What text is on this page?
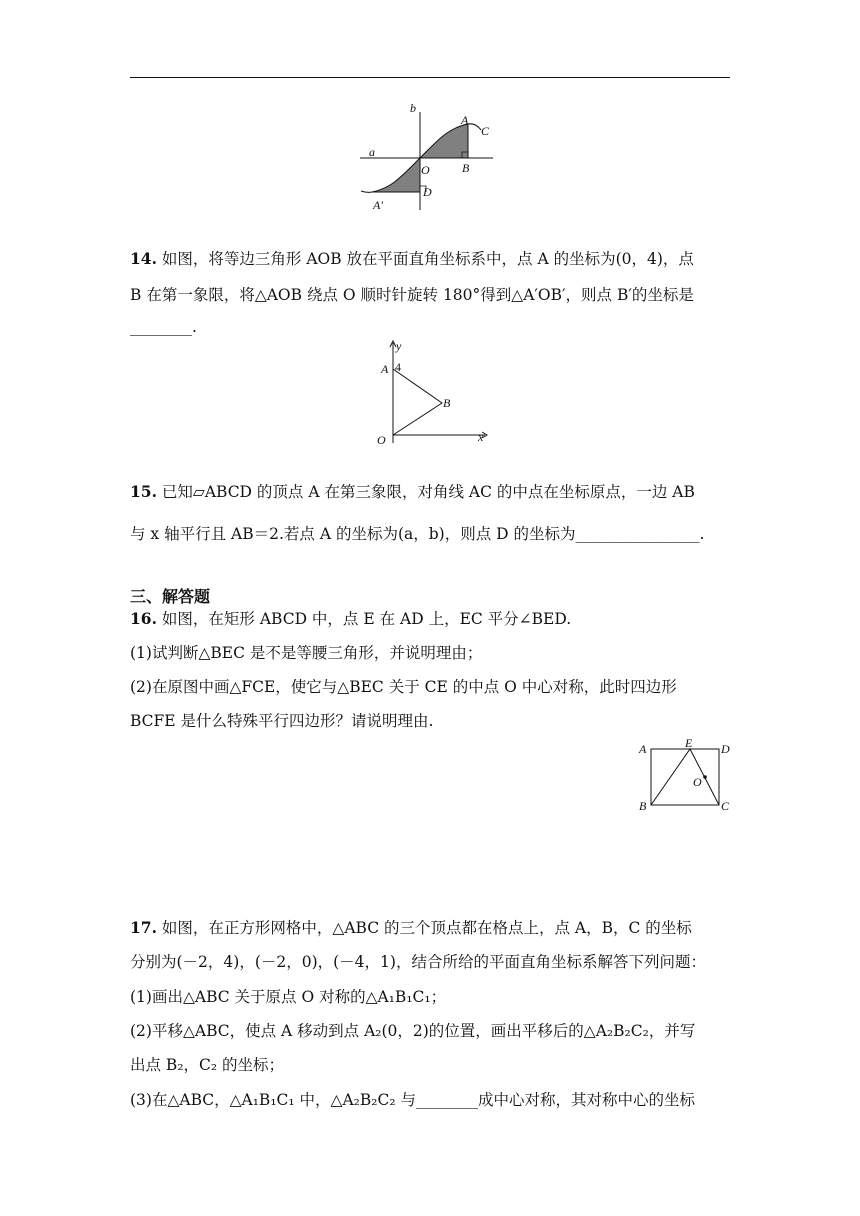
b
a
A
C
O	B
D
A′
14. 如图，将等边三角形 AOB 放在平面直角坐标系中，点 A 的坐标为(0，4)，点
B 在第一象限，将△AOB 绕点 O 顺时针旋转 180°得到△A′OB′，则点 B′的坐标是
________.
y
A 4
B
O	x
15. 已知▱ABCD 的顶点 A 在第三象限，对角线 AC 的中点在坐标原点，一边 AB
与 x 轴平行且 AB＝2.若点 A 的坐标为(a，b)，则点 D 的坐标为________________.
三、解答题
16. 如图，在矩形 ABCD 中，点 E 在 AD 上，EC 平分∠BED.
(1)试判断△BEC 是不是等腰三角形，并说明理由；
(2)在原图中画△FCE，使它与△BEC 关于 CE 的中点 O 中心对称，此时四边形
BCFE 是什么特殊平行四边形？请说明理由.
A	E D
O
B	C
17. 如图，在正方形网格中，△ABC 的三个顶点都在格点上，点 A，B，C 的坐标
分别为(－2，4)，(－2，0)，(－4，1)，结合所给的平面直角坐标系解答下列问题：
(1)画出△ABC 关于原点 O 对称的△A₁B₁C₁；
(2)平移△ABC，使点 A 移动到点 A₂(0，2)的位置，画出平移后的△A₂B₂C₂，并写
出点 B₂，C₂ 的坐标；
(3)在△ABC，△A₁B₁C₁ 中，△A₂B₂C₂ 与________成中心对称，其对称中心的坐标
